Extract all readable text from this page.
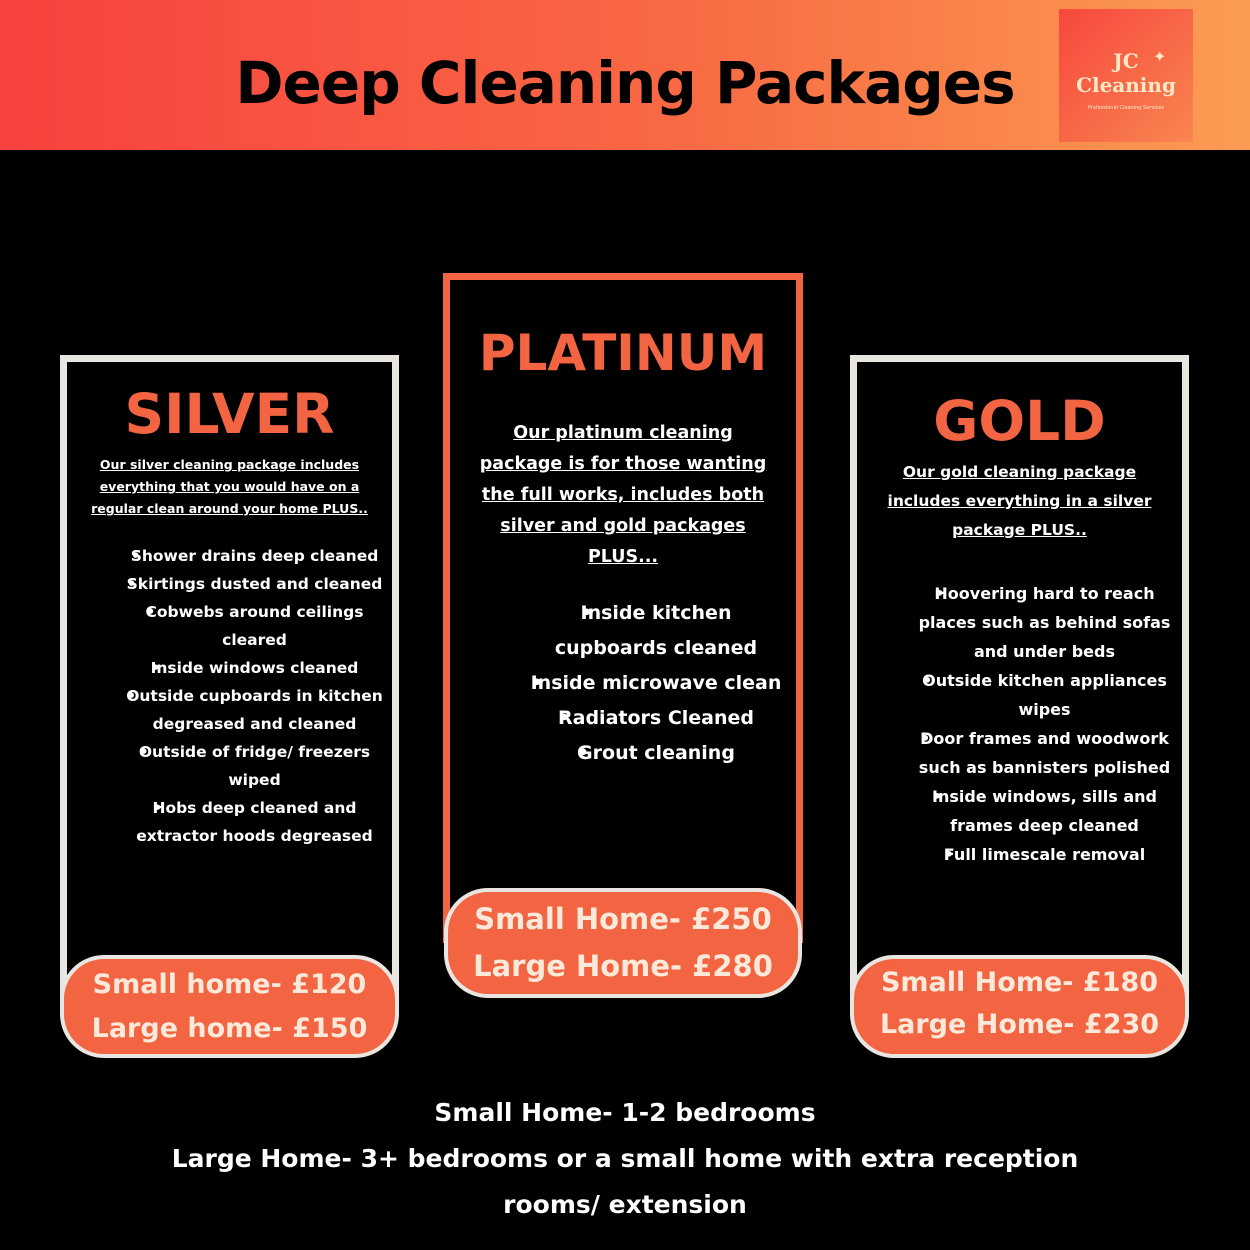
Deep Cleaning Packages	✦
JC
Cleaning
Professional Cleaning Services
SILVER
Our silver cleaning package includes everything that you would have on a regular clean around your home PLUS..
• Shower drains deep cleaned
• Skirtings dusted and cleaned
• Cobwebs around ceilings cleared
• Inside windows cleaned
• Outside cupboards in kitchen degreased and cleaned
• Outside of fridge/ freezers wiped
• Hobs deep cleaned and extractor hoods degreased
Small home- £120
Large home- £150
PLATINUM
Our platinum cleaning package is for those wanting the full works, includes both silver and gold packages PLUS...
• Inside kitchen cupboards cleaned
• Inside microwave clean
• Radiators Cleaned
• Grout cleaning
Small Home- £250
Large Home- £280
GOLD
Our gold cleaning package includes everything in a silver package PLUS..
• Hoovering hard to reach places such as behind sofas and under beds
• Outside kitchen appliances wipes
• Door frames and woodwork such as bannisters polished
• Inside windows, sills and frames deep cleaned
• Full limescale removal
Small Home- £180
Large Home- £230
Small Home- 1-2 bedrooms
Large Home- 3+ bedrooms or a small home with extra reception
rooms/ extension
